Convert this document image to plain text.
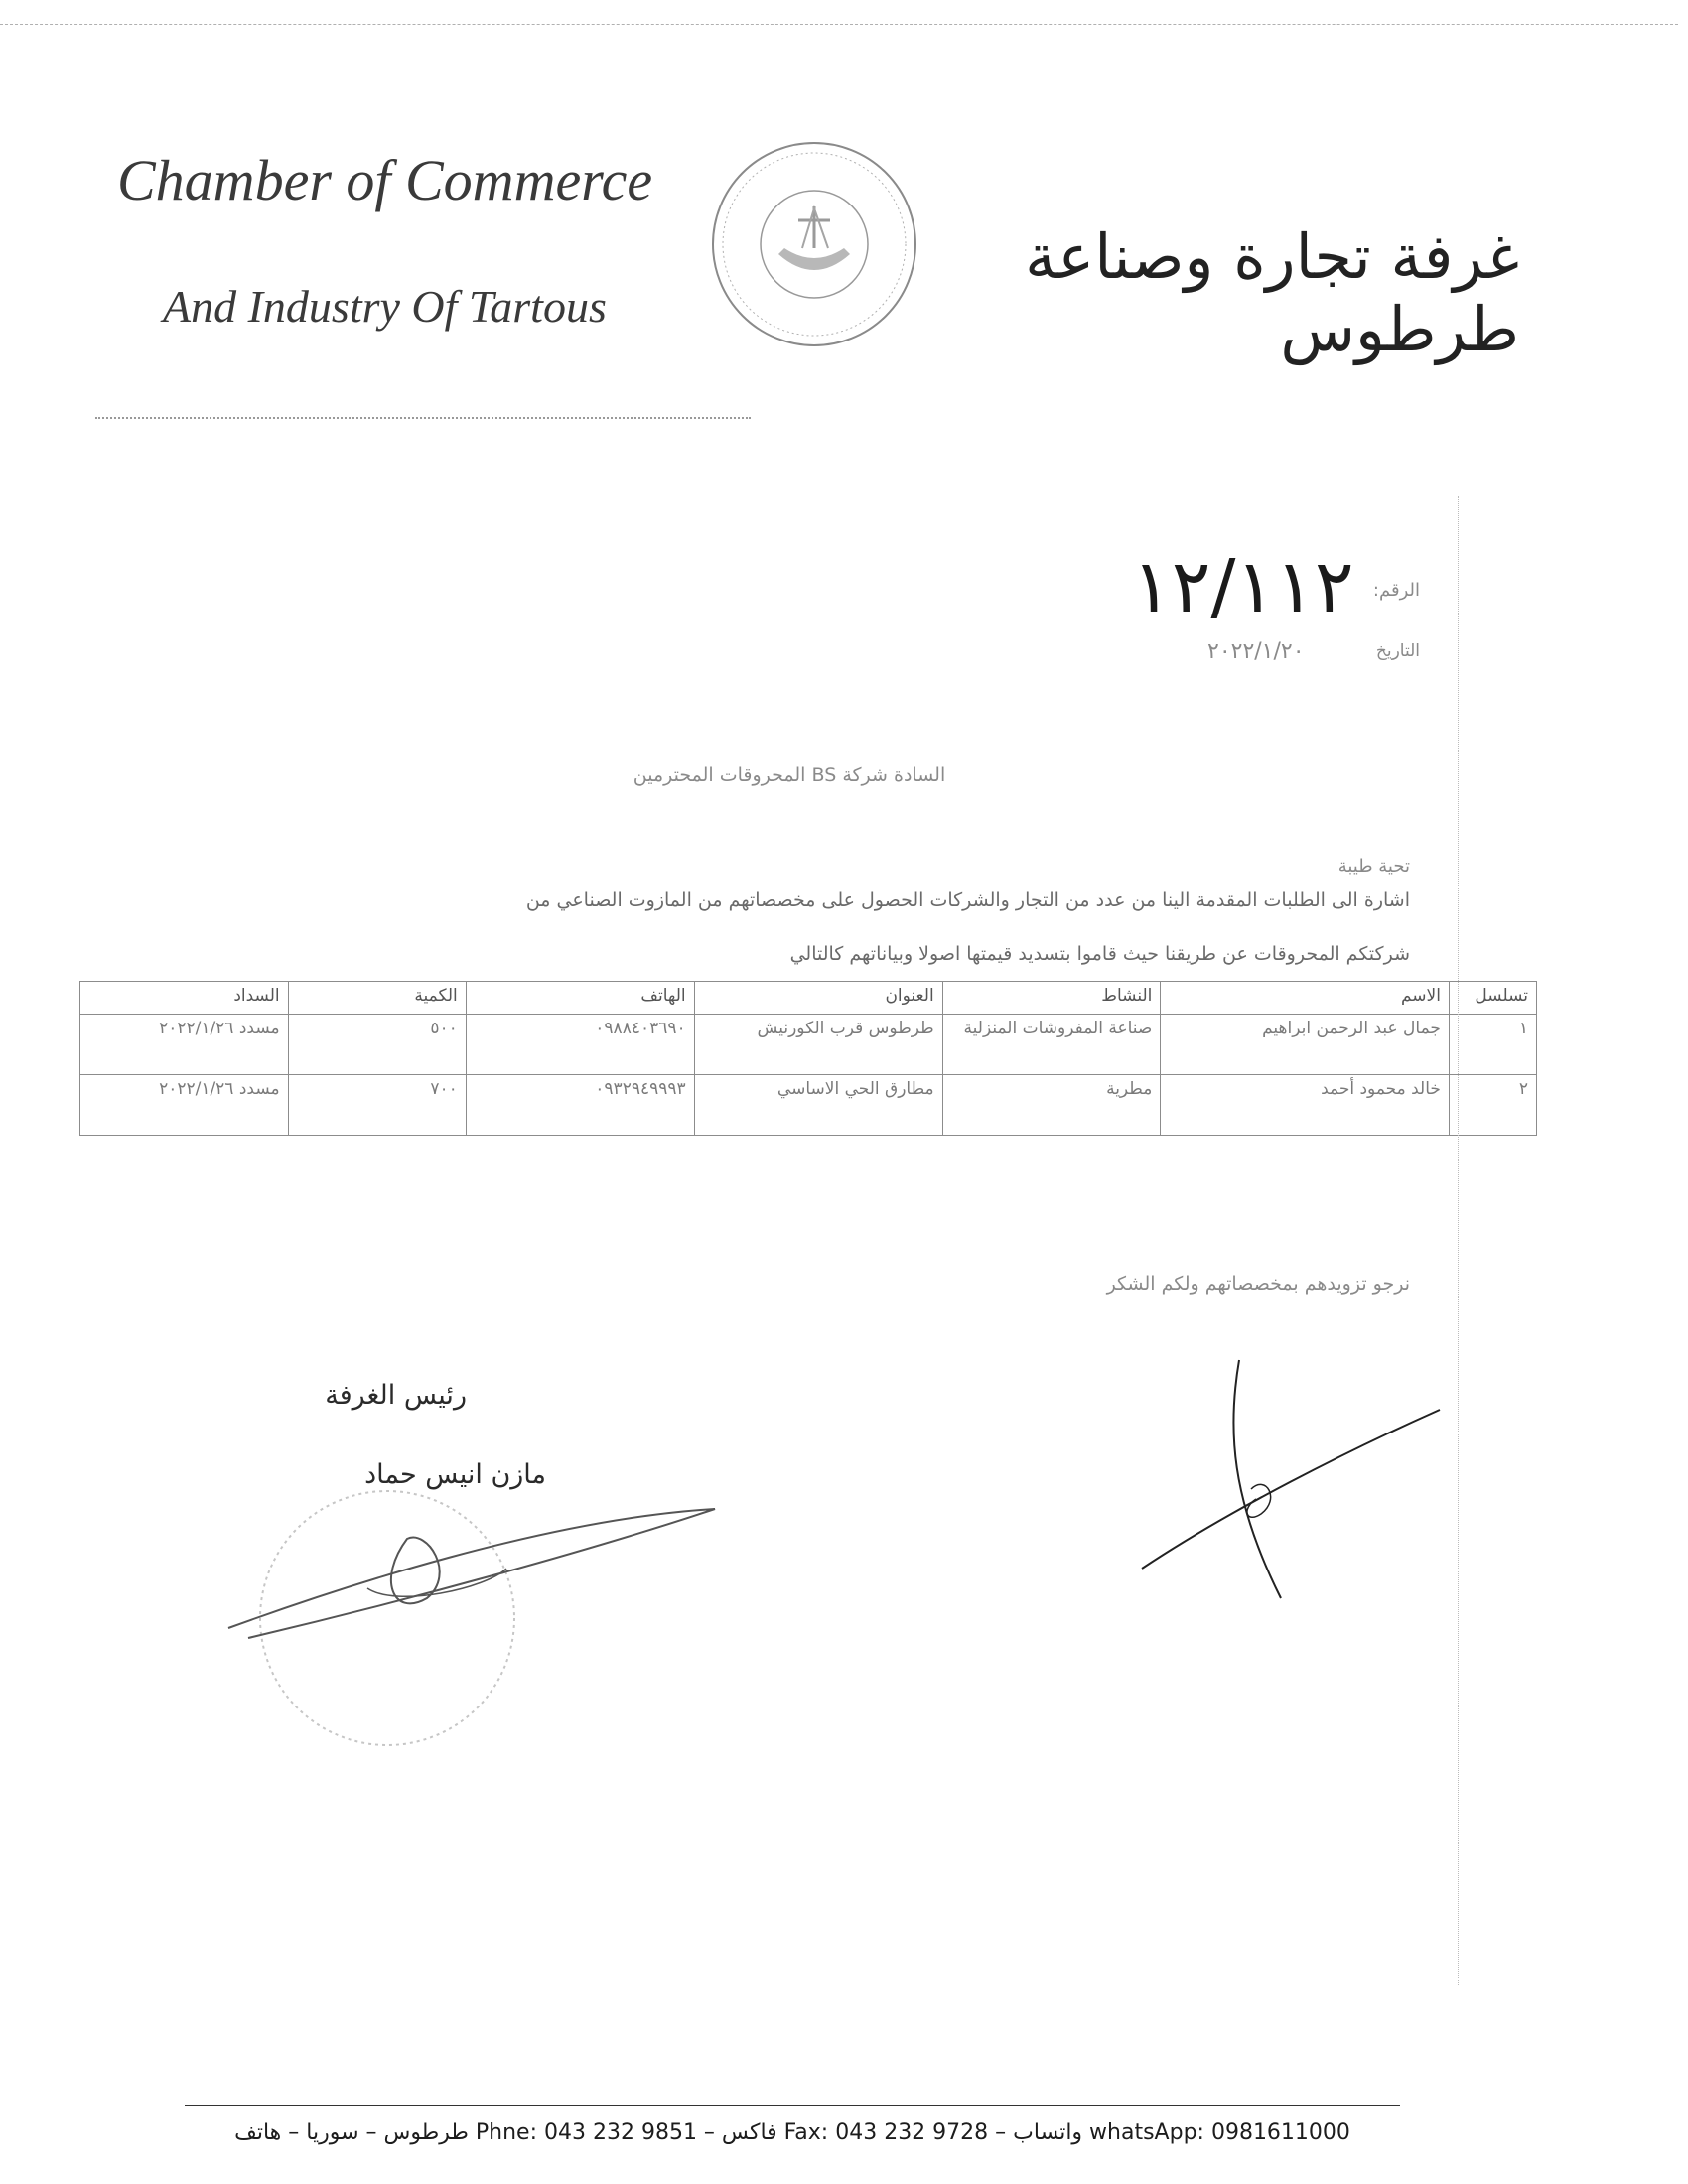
Chamber of Commerce
And Industry Of Tartous
غرفة تجارة وصناعة طرطوس
الرقم:
١٢/١١٢
التاريخ
٢٠٢٢/١/٢٠
السادة شركة BS المحروقات المحترمين
تحية طيبة
اشارة الى الطلبات المقدمة الينا من عدد من التجار والشركات الحصول على مخصصاتهم من المازوت الصناعي من
شركتكم المحروقات عن طريقنا حيث قاموا بتسديد قيمتها اصولا وبياناتهم كالتالي
تسلسل	الاسم	النشاط	العنوان	الهاتف	الكمية	السداد
١	جمال عبد الرحمن ابراهيم	صناعة المفروشات المنزلية	طرطوس قرب الكورنيش	٠٩٨٨٤٠٣٦٩٠	٥٠٠	مسدد ٢٠٢٢/١/٢٦
٢	خالد محمود أحمد	مطرية	مطارق الحي الاساسي	٠٩٣٢٩٤٩٩٩٣	٧٠٠	مسدد ٢٠٢٢/١/٢٦
نرجو تزويدهم بمخصصاتهم ولكم الشكر
رئيس الغرفة
مازن انيس حماد
طرطوس – سوريا – هاتف Phne: 043 232 9851 – فاكس Fax: 043 232 9728 – واتساب whatsApp: 0981611000
